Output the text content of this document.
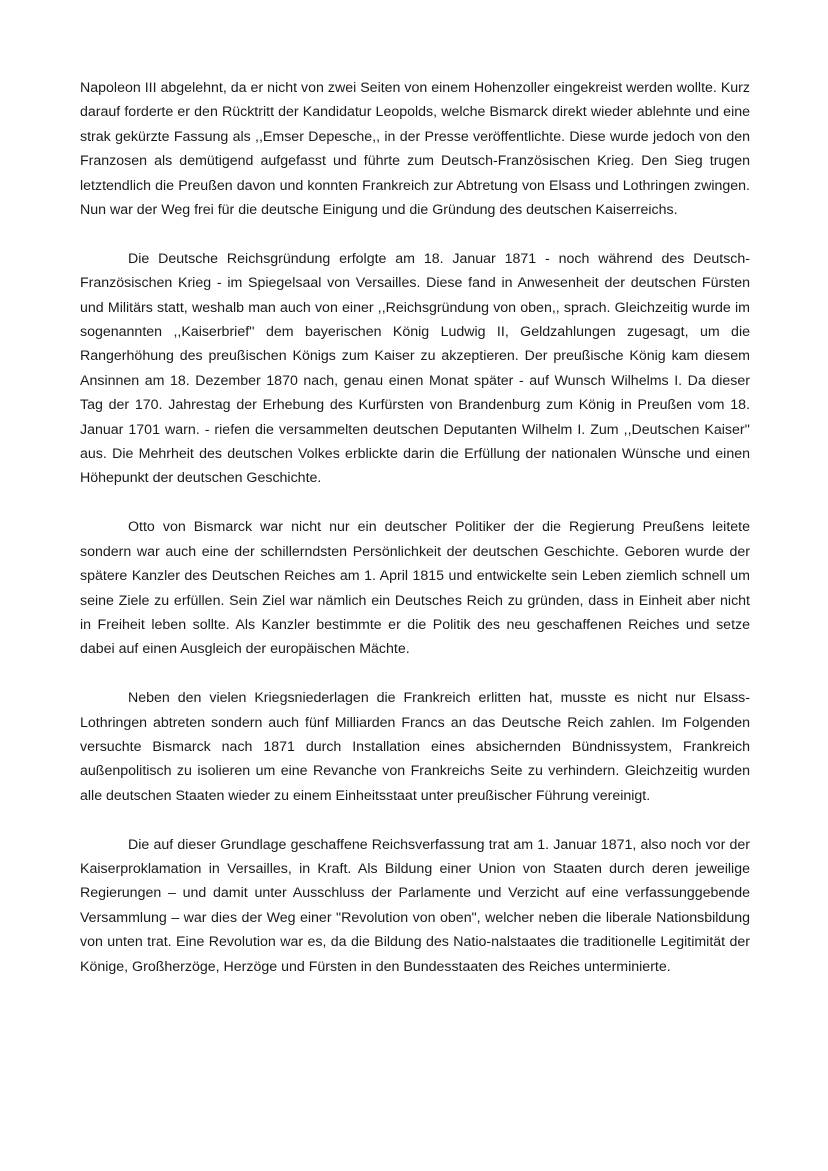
Napoleon III abgelehnt, da er nicht von zwei Seiten von einem Hohenzoller eingekreist werden wollte. Kurz darauf forderte er den Rücktritt der Kandidatur Leopolds, welche Bismarck direkt wieder ablehnte und eine strak gekürzte Fassung als ,,Emser Depesche,, in der Presse veröffentlichte. Diese wurde jedoch von den Franzosen als demütigend aufgefasst und führte zum Deutsch-Französischen Krieg. Den Sieg trugen letztendlich die Preußen davon und konnten Frankreich zur Abtretung von Elsass und Lothringen zwingen. Nun war der Weg frei für die deutsche Einigung und die Gründung des deutschen Kaiserreichs.

Die Deutsche Reichsgründung erfolgte am 18. Januar 1871 - noch während des Deutsch-Französischen Krieg - im Spiegelsaal von Versailles. Diese fand in Anwesenheit der deutschen Fürsten und Militärs statt, weshalb man auch von einer ,,Reichsgründung von oben,, sprach. Gleichzeitig wurde im sogenannten ,,Kaiserbrief'' dem bayerischen König Ludwig II, Geldzahlungen zugesagt, um die Rangerhöhung des preußischen Königs zum Kaiser zu akzeptieren. Der preußische König kam diesem Ansinnen am 18. Dezember 1870 nach, genau einen Monat später - auf Wunsch Wilhelms I. Da dieser Tag der 170. Jahrestag der Erhebung des Kurfürsten von Brandenburg zum König in Preußen vom 18. Januar 1701 warn. - riefen die versammelten deutschen Deputanten Wilhelm I. Zum ,,Deutschen Kaiser'' aus. Die Mehrheit des deutschen Volkes erblickte darin die Erfüllung der nationalen Wünsche und einen Höhepunkt der deutschen Geschichte.

Otto von Bismarck war nicht nur ein deutscher Politiker der die Regierung Preußens leitete sondern war auch eine der schillerndsten Persönlichkeit der deutschen Geschichte. Geboren wurde der spätere Kanzler des Deutschen Reiches am 1. April 1815 und entwickelte sein Leben ziemlich schnell um seine Ziele zu erfüllen. Sein Ziel war nämlich ein Deutsches Reich zu gründen, dass in Einheit aber nicht in Freiheit leben sollte. Als Kanzler bestimmte er die Politik des neu geschaffenen Reiches und setze dabei auf einen Ausgleich der europäischen Mächte.

Neben den vielen Kriegsniederlagen die Frankreich erlitten hat, musste es nicht nur Elsass-Lothringen abtreten sondern auch fünf Milliarden Francs an das Deutsche Reich zahlen. Im Folgenden versuchte Bismarck nach 1871 durch Installation eines absichernden Bündnissystem, Frankreich außenpolitisch zu isolieren um eine Revanche von Frankreichs Seite zu verhindern. Gleichzeitig wurden alle deutschen Staaten wieder zu einem Einheitsstaat unter preußischer Führung vereinigt.

Die auf dieser Grundlage geschaffene Reichsverfassung trat am 1. Januar 1871, also noch vor der Kaiserproklamation in Versailles, in Kraft. Als Bildung einer Union von Staaten durch deren jeweilige Regierungen – und damit unter Ausschluss der Parlamente und Verzicht auf eine verfassunggebende Versammlung – war dies der Weg einer "Revolution von oben", welcher neben die liberale Nationsbildung von unten trat. Eine Revolution war es, da die Bildung des Natio-nalstaates die traditionelle Legitimität der Könige, Großherzöge, Herzöge und Fürsten in den Bundesstaaten des Reiches unterminierte.
